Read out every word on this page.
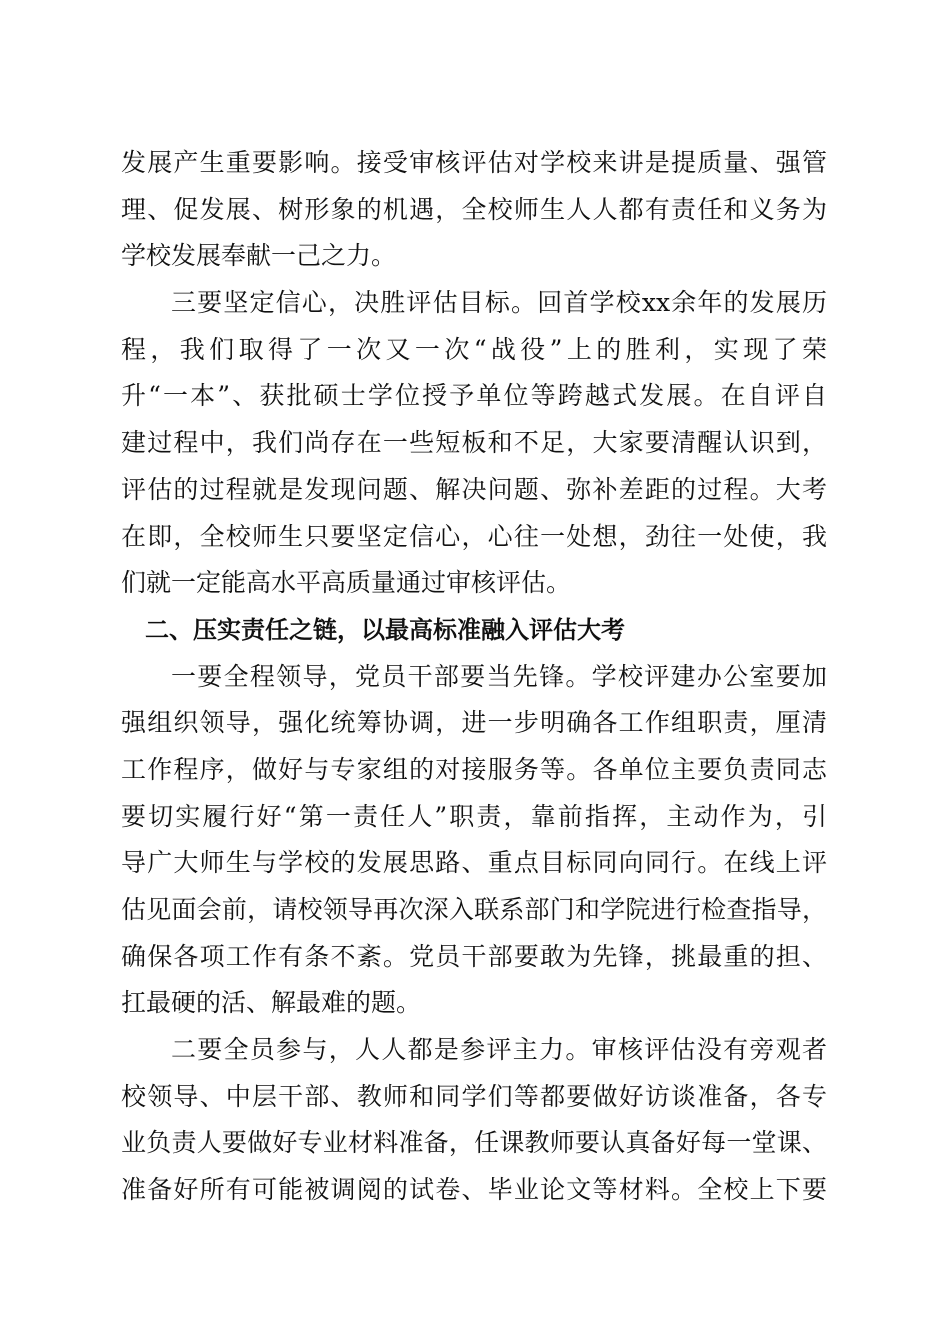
发展产生重要影响。接受审核评估对学校来讲是提质量、强管
理、促发展、树形象的机遇，全校师生人人都有责任和义务为
学校发展奉献一己之力。
三要坚定信心，决胜评估目标。回首学校xx余年的发展历
程，我们取得了一次又一次“战役”上的胜利，实现了荣
升“一本”、获批硕士学位授予单位等跨越式发展。在自评自
建过程中，我们尚存在一些短板和不足，大家要清醒认识到，
评估的过程就是发现问题、解决问题、弥补差距的过程。大考
在即，全校师生只要坚定信心，心往一处想，劲往一处使，我
们就一定能高水平高质量通过审核评估。
二、压实责任之链，以最高标准融入评估大考
一要全程领导，党员干部要当先锋。学校评建办公室要加
强组织领导，强化统筹协调，进一步明确各工作组职责，厘清
工作程序，做好与专家组的对接服务等。各单位主要负责同志
要切实履行好“第一责任人”职责，靠前指挥，主动作为，引
导广大师生与学校的发展思路、重点目标同向同行。在线上评
估见面会前，请校领导再次深入联系部门和学院进行检查指导，
确保各项工作有条不紊。党员干部要敢为先锋，挑最重的担、
扛最硬的活、解最难的题。
二要全员参与，人人都是参评主力。审核评估没有旁观者
校领导、中层干部、教师和同学们等都要做好访谈准备，各专
业负责人要做好专业材料准备，任课教师要认真备好每一堂课、
准备好所有可能被调阅的试卷、毕业论文等材料。全校上下要
